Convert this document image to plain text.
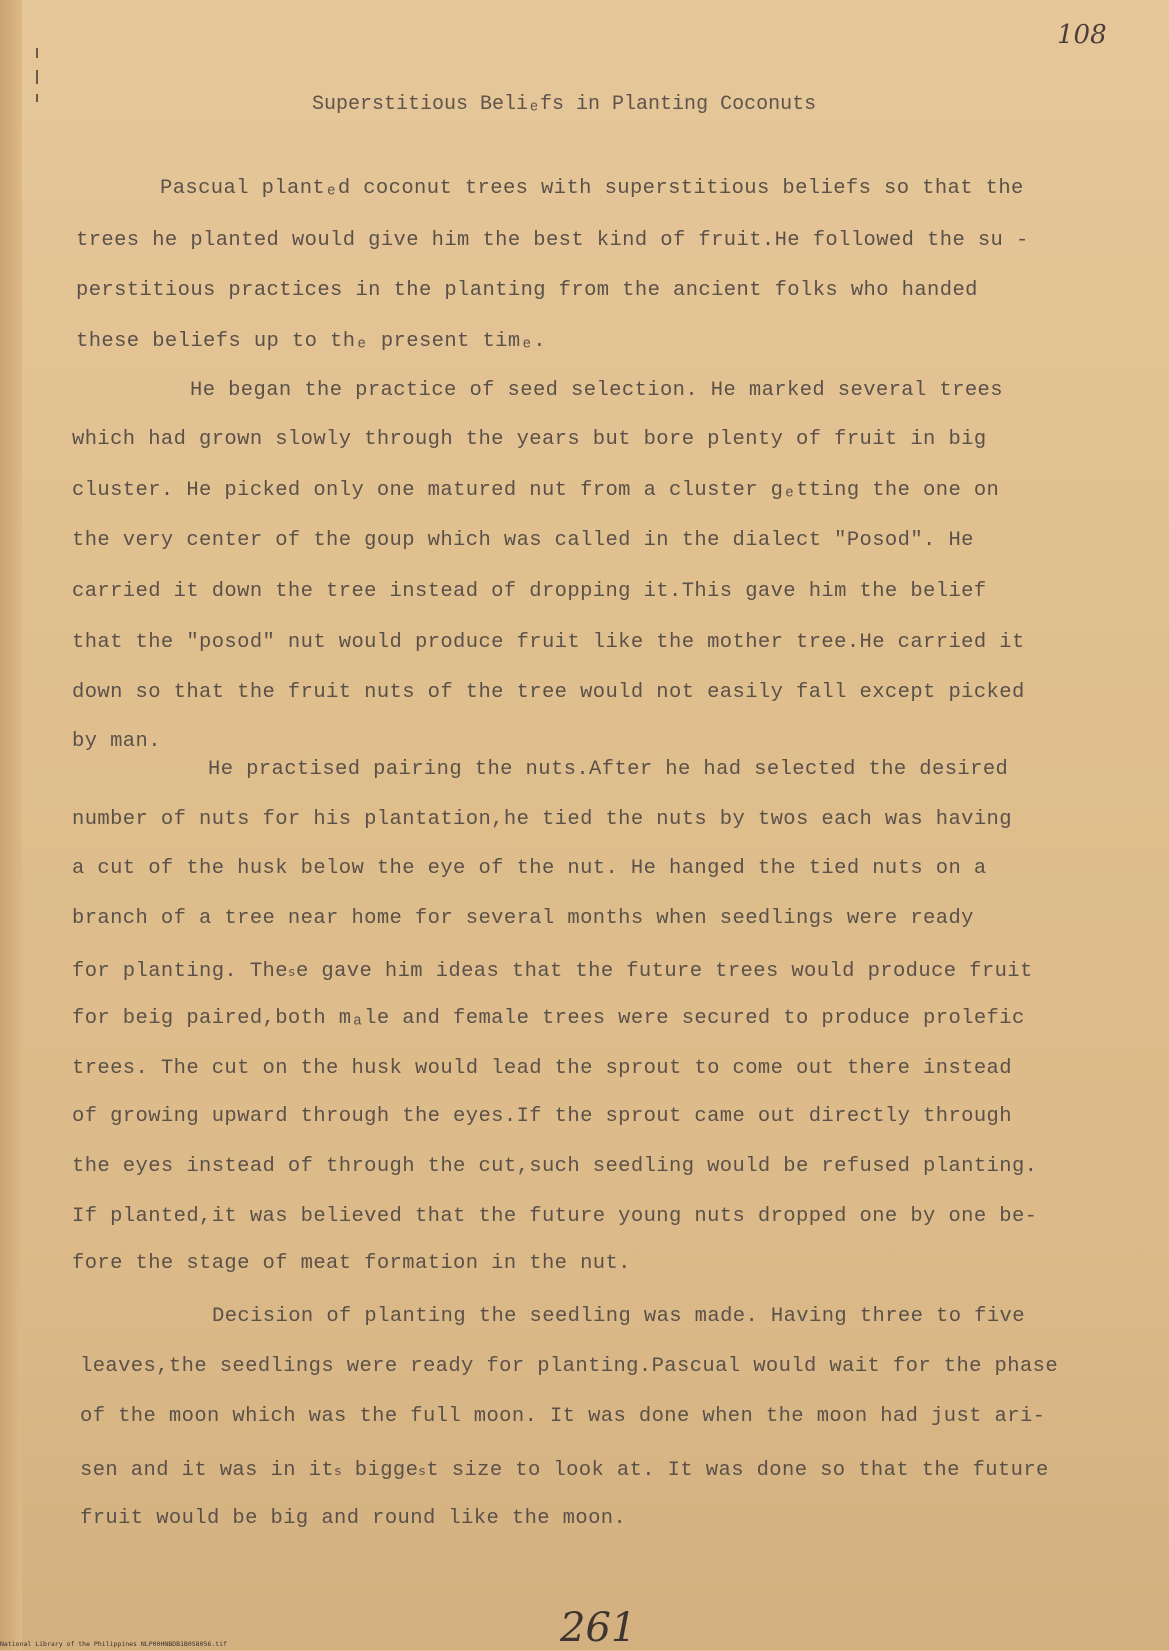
108
Superstitious Beliₑfs in Planting Coconuts
Pascual plantₑd coconut trees with superstitious beliefs so that the
trees he planted would give him the best kind of fruit.He followed the su -
perstitious practices in the planting from the ancient folks who handed
these beliefs up to thₑ present timₑ.
He began the practice of seed selection. He marked several trees
which had grown slowly through the years but bore plenty of fruit in big
cluster. He picked only one matured nut from a cluster gₑtting the one on
the very center of the goup which was called in the dialect "Posod". He
carried it down the tree instead of dropping it.This gave him the belief
that the "posod" nut would produce fruit like the mother tree.He carried it
down so that the fruit nuts of the tree would not easily fall except picked
by man.
He practised pairing the nuts.After he had selected the desired
number of nuts for his plantation,he tied the nuts by twos each was having
a cut of the husk below the eye of the nut. He hanged the tied nuts on a
branch of a tree near home for several months when seedlings were ready
for planting. Theₛe gave him ideas that the future trees would produce fruit
for beig paired,both mₐle and female trees were secured to produce prolefic
trees. The cut on the husk would lead the sprout to come out there instead
of growing upward through the eyes.If the sprout came out directly through
the eyes instead of through the cut,such seedling would be refused planting.
If planted,it was believed that the future young nuts dropped one by one be-
fore the stage of meat formation in the nut.
Decision of planting the seedling was made. Having three to five
leaves,the seedlings were ready for planting.Pascual would wait for the phase
of the moon which was the full moon. It was done when the moon had just ari-
sen and it was in itₛ biggeₛt size to look at. It was done so that the future
fruit would be big and round like the moon.
261
National Library of the Philippines NLP00HNBDB1B0S8056.tif
